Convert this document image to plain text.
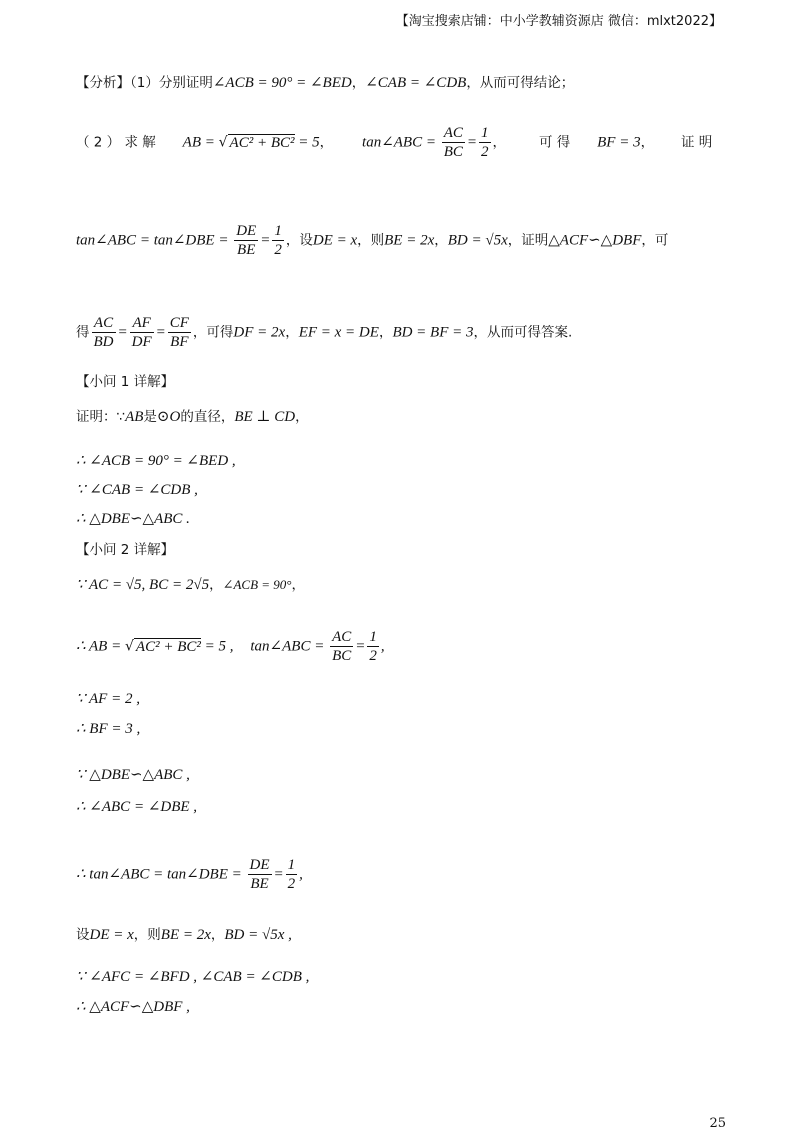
【淘宝搜索店铺：中小学教辅资源店 微信：mlxt2022】
【分析】（1）分别证明∠ACB = 90° = ∠BED，∠CAB = ∠CDB，从而可得结论；
（ 2 ） 求 解 AB = √ AC² + BC² = 5， tan∠ABC = $\frac{AC}{BC} = \frac{1}{2}$ ， 可 得 BF = 3， 证 明
tan∠ABC = tan∠DBE = $\frac{DE}{BE} = \frac{1}{2}$ ，设DE = x，则BE = 2x，BD = √5x，证明△ACF∽△DBF，可
得 $\frac{AC}{BD} = \frac{AF}{DF} = \frac{CF}{BF}$ ，可得DF = 2x，EF = x = DE，BD = BF = 3，从而可得答案.
【小问 1 详解】
证明：∵AB是⊙O的直径，BE ⊥ CD，
∴ ∠ACB = 90° = ∠BED ,
∵ ∠CAB = ∠CDB ,
∴ △DBE∽△ABC .
【小问 2 详解】
∵ AC = √5, BC = 2√5，∠ACB = 90°，
∴ AB = √ AC² + BC² = 5 , tan∠ABC = $\frac{AC}{BC} = \frac{1}{2}$ ,
∵ AF = 2 ,
∴ BF = 3 ,
∵ △DBE∽△ABC ,
∴ ∠ABC = ∠DBE ,
∴ tan∠ABC = tan∠DBE = $\frac{DE}{BE} = \frac{1}{2}$ ,
设DE = x，则BE = 2x，BD = √5x ,
∵ ∠AFC = ∠BFD , ∠CAB = ∠CDB ,
∴ △ACF∽△DBF ,
25
